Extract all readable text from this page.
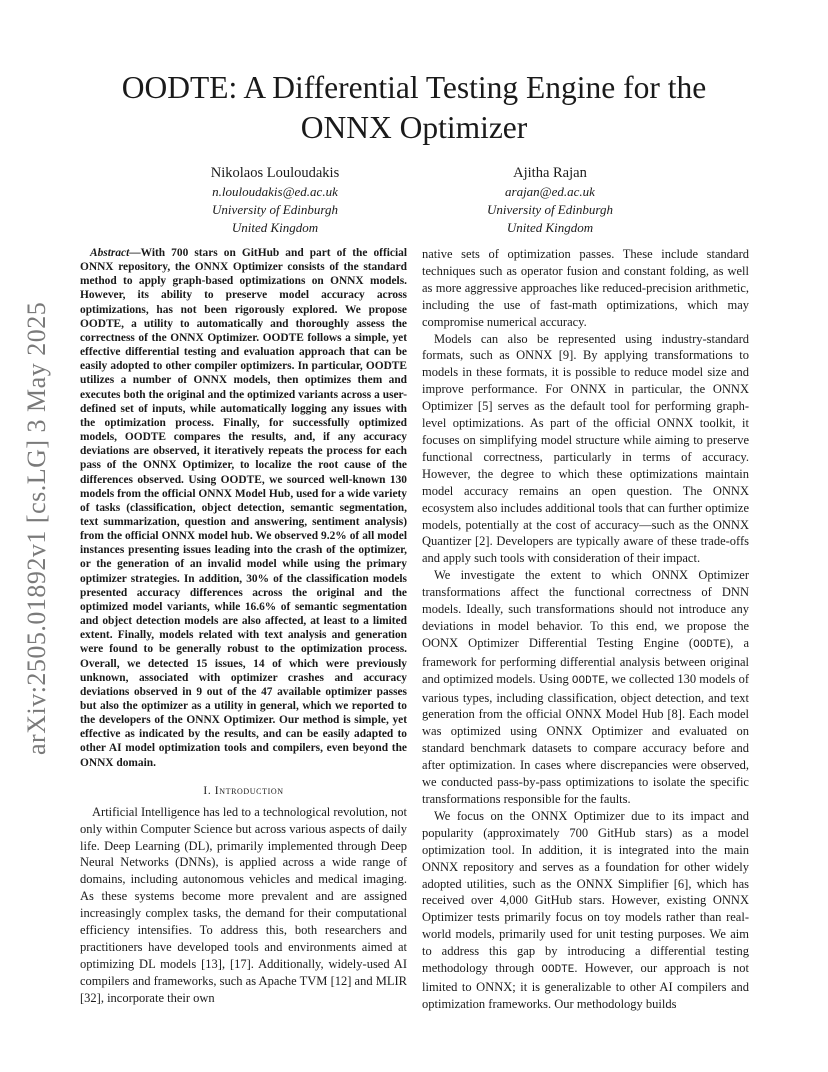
arXiv:2505.01892v1 [cs.LG] 3 May 2025
OODTE: A Differential Testing Engine for the
ONNX Optimizer
Nikolaos Louloudakis
n.louloudakis@ed.ac.uk
University of Edinburgh
United Kingdom
Ajitha Rajan
arajan@ed.ac.uk
University of Edinburgh
United Kingdom

Abstract—With 700 stars on GitHub and part of the official ONNX repository, the ONNX Optimizer consists of the standard method to apply graph-based optimizations on ONNX models. However, its ability to preserve model accuracy across optimizations, has not been rigorously explored. We propose OODTE, a utility to automatically and thoroughly assess the correctness of the ONNX Optimizer. OODTE follows a simple, yet effective differential testing and evaluation approach that can be easily adopted to other compiler optimizers. In particular, OODTE utilizes a number of ONNX models, then optimizes them and executes both the original and the optimized variants across a user-defined set of inputs, while automatically logging any issues with the optimization process. Finally, for successfully optimized models, OODTE compares the results, and, if any accuracy deviations are observed, it iteratively repeats the process for each pass of the ONNX Optimizer, to localize the root cause of the differences observed. Using OODTE, we sourced well-known 130 models from the official ONNX Model Hub, used for a wide variety of tasks (classification, object detection, semantic segmentation, text summarization, question and answering, sentiment analysis) from the official ONNX model hub. We observed 9.2% of all model instances presenting issues leading into the crash of the optimizer, or the generation of an invalid model while using the primary optimizer strategies. In addition, 30% of the classification models presented accuracy differences across the original and the optimized model variants, while 16.6% of semantic segmentation and object detection models are also affected, at least to a limited extent. Finally, models related with text analysis and generation were found to be generally robust to the optimization process. Overall, we detected 15 issues, 14 of which were previously unknown, associated with optimizer crashes and accuracy deviations observed in 9 out of the 47 available optimizer passes but also the optimizer as a utility in general, which we reported to the developers of the ONNX Optimizer. Our method is simple, yet effective as indicated by the results, and can be easily adapted to other AI model optimization tools and compilers, even beyond the ONNX domain.

I. Introduction

Artificial Intelligence has led to a technological revolution, not only within Computer Science but across various aspects of daily life. Deep Learning (DL), primarily implemented through Deep Neural Networks (DNNs), is applied across a wide range of domains, including autonomous vehicles and medical imaging. As these systems become more prevalent and are assigned increasingly complex tasks, the demand for their computational efficiency intensifies. To address this, both researchers and practitioners have developed tools and environments aimed at optimizing DL models [13], [17]. Additionally, widely-used AI compilers and frameworks, such as Apache TVM [12] and MLIR [32], incorporate their own

native sets of optimization passes. These include standard techniques such as operator fusion and constant folding, as well as more aggressive approaches like reduced-precision arithmetic, including the use of fast-math optimizations, which may compromise numerical accuracy.

Models can also be represented using industry-standard formats, such as ONNX [9]. By applying transformations to models in these formats, it is possible to reduce model size and improve performance. For ONNX in particular, the ONNX Optimizer [5] serves as the default tool for performing graph-level optimizations. As part of the official ONNX toolkit, it focuses on simplifying model structure while aiming to preserve functional correctness, particularly in terms of accuracy. However, the degree to which these optimizations maintain model accuracy remains an open question. The ONNX ecosystem also includes additional tools that can further optimize models, potentially at the cost of accuracy—such as the ONNX Quantizer [2]. Developers are typically aware of these trade-offs and apply such tools with consideration of their impact.

We investigate the extent to which ONNX Optimizer transformations affect the functional correctness of DNN models. Ideally, such transformations should not introduce any deviations in model behavior. To this end, we propose the OONX Optimizer Differential Testing Engine (OODTE), a framework for performing differential analysis between original and optimized models. Using OODTE, we collected 130 models of various types, including classification, object detection, and text generation from the official ONNX Model Hub [8]. Each model was optimized using ONNX Optimizer and evaluated on standard benchmark datasets to compare accuracy before and after optimization. In cases where discrepancies were observed, we conducted pass-by-pass optimizations to isolate the specific transformations responsible for the faults.

We focus on the ONNX Optimizer due to its impact and popularity (approximately 700 GitHub stars) as a model optimization tool. In addition, it is integrated into the main ONNX repository and serves as a foundation for other widely adopted utilities, such as the ONNX Simplifier [6], which has received over 4,000 GitHub stars. However, existing ONNX Optimizer tests primarily focus on toy models rather than real-world models, primarily used for unit testing purposes. We aim to address this gap by introducing a differential testing methodology through OODTE. However, our approach is not limited to ONNX; it is generalizable to other AI compilers and optimization frameworks. Our methodology builds
